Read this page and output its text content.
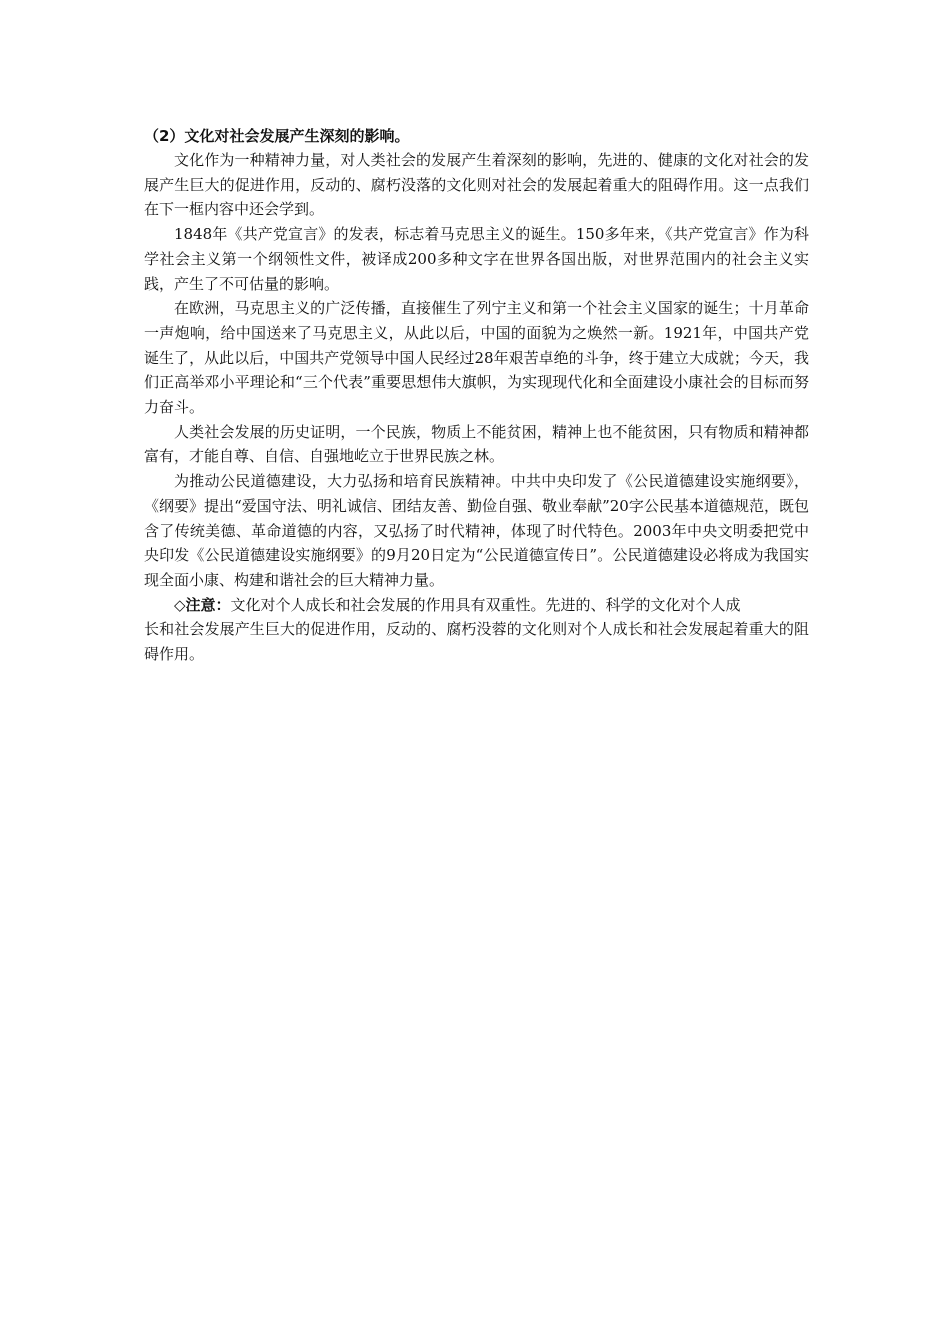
（2）文化对社会发展产生深刻的影响。

文化作为一种精神力量，对人类社会的发展产生着深刻的影响，先进的、健康的文化对社会的发展产生巨大的促进作用，反动的、腐朽没落的文化则对社会的发展起着重大的阻碍作用。这一点我们在下一框内容中还会学到。

1848年《共产党宣言》的发表，标志着马克思主义的诞生。150多年来，《共产党宣言》作为科学社会主义第一个纲领性文件，被译成200多种文字在世界各国出版，对世界范围内的社会主义实践，产生了不可估量的影响。

在欧洲，马克思主义的广泛传播，直接催生了列宁主义和第一个社会主义国家的诞生；十月革命一声炮响，给中国送来了马克思主义，从此以后，中国的面貌为之焕然一新。1921年，中国共产党诞生了，从此以后，中国共产党领导中国人民经过28年艰苦卓绝的斗争，终于建立大成就；今天，我们正高举邓小平理论和“三个代表”重要思想伟大旗帜，为实现现代化和全面建设小康社会的目标而努力奋斗。

人类社会发展的历史证明，一个民族，物质上不能贫困，精神上也不能贫困，只有物质和精神都富有，才能自尊、自信、自强地屹立于世界民族之林。

为推动公民道德建设，大力弘扬和培育民族精神。中共中央印发了《公民道德建设实施纲要》，《纲要》提出“爱国守法、明礼诚信、团结友善、勤俭自强、敬业奉献”20字公民基本道德规范，既包含了传统美德、革命道德的内容，又弘扬了时代精神，体现了时代特色。2003年中央文明委把党中央印发《公民道德建设实施纲要》的9月20日定为“公民道德宣传日”。公民道德建设必将成为我国实现全面小康、构建和谐社会的巨大精神力量。

◇注意：文化对个人成长和社会发展的作用具有双重性。先进的、科学的文化对个人成

长和社会发展产生巨大的促进作用，反动的、腐朽没蓉的文化则对个人成长和社会发展起着重大的阻碍作用。
